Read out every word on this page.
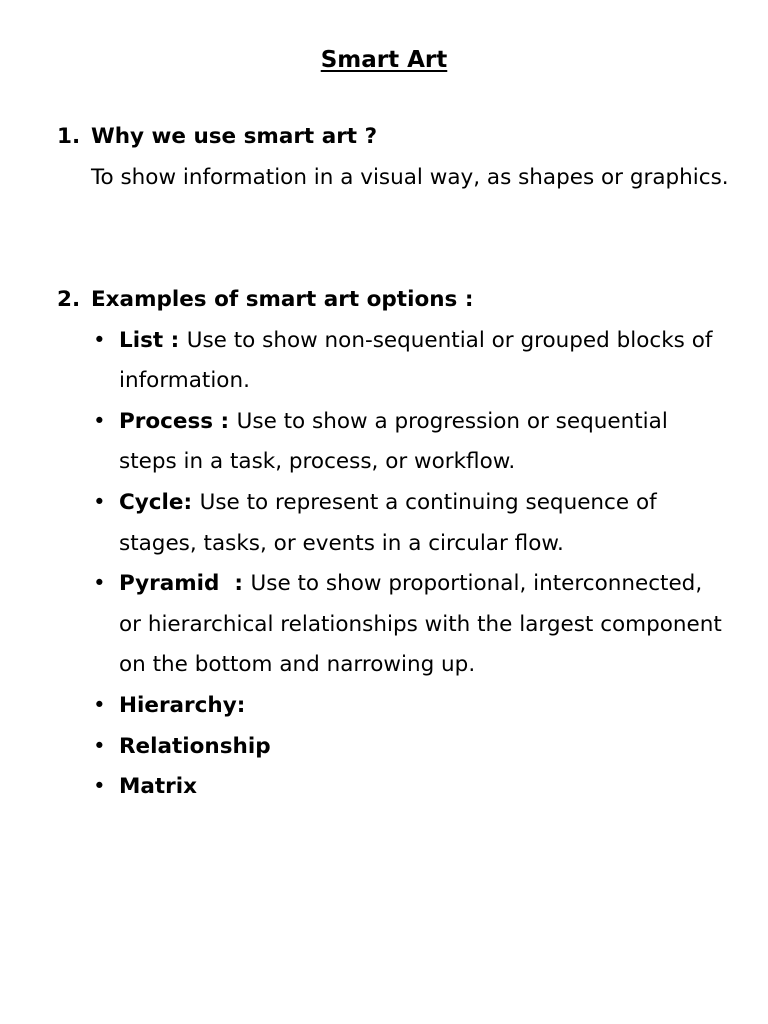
Smart Art
1. Why we use smart art ?
To show information in a visual way, as shapes or graphics.
2. Examples of smart art options :
• List : Use to show non-sequential or grouped blocks of information.
• Process : Use to show a progression or sequential steps in a task, process, or workflow.
• Cycle: Use to represent a continuing sequence of stages, tasks, or events in a circular flow.
• Pyramid  : Use to show proportional, interconnected, or hierarchical relationships with the largest component on the bottom and narrowing up.
• Hierarchy:
• Relationship
• Matrix
